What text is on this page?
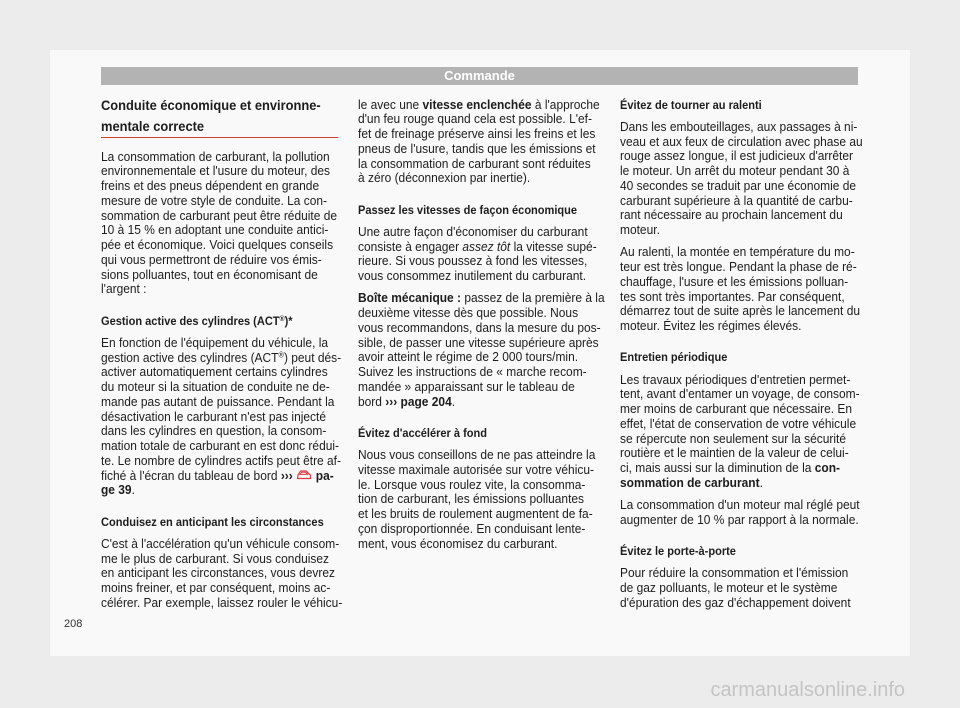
Commande
Conduite économique et environne-
mentale correcte
La consommation de carburant, la pollution
environnementale et l'usure du moteur, des
freins et des pneus dépendent en grande
mesure de votre style de conduite. La con-
sommation de carburant peut être réduite de
10 à 15 % en adoptant une conduite antici-
pée et économique. Voici quelques conseils
qui vous permettront de réduire vos émis-
sions polluantes, tout en économisant de
l'argent :
Gestion active des cylindres (ACT®)*
En fonction de l'équipement du véhicule, la
gestion active des cylindres (ACT®) peut dés-
activer automatiquement certains cylindres
du moteur si la situation de conduite ne de-
mande pas autant de puissance. Pendant la
désactivation le carburant n'est pas injecté
dans les cylindres en question, la consom-
mation totale de carburant en est donc rédui-
te. Le nombre de cylindres actifs peut être af-
fiché à l'écran du tableau de bord ››› pa-
ge 39.
Conduisez en anticipant les circonstances
C'est à l'accélération qu'un véhicule consom-
me le plus de carburant. Si vous conduisez
en anticipant les circonstances, vous devrez
moins freiner, et par conséquent, moins ac-
célérer. Par exemple, laissez rouler le véhicu-
le avec une vitesse enclenchée à l'approche
d'un feu rouge quand cela est possible. L'ef-
fet de freinage préserve ainsi les freins et les
pneus de l'usure, tandis que les émissions et
la consommation de carburant sont réduites
à zéro (déconnexion par inertie).
Passez les vitesses de façon économique
Une autre façon d'économiser du carburant
consiste à engager assez tôt la vitesse supé-
rieure. Si vous poussez à fond les vitesses,
vous consommez inutilement du carburant.
Boîte mécanique : passez de la première à la
deuxième vitesse dès que possible. Nous
vous recommandons, dans la mesure du pos-
sible, de passer une vitesse supérieure après
avoir atteint le régime de 2 000 tours/min.
Suivez les instructions de « marche recom-
mandée » apparaissant sur le tableau de
bord ››› page 204.
Évitez d'accélérer à fond
Nous vous conseillons de ne pas atteindre la
vitesse maximale autorisée sur votre véhicu-
le. Lorsque vous roulez vite, la consomma-
tion de carburant, les émissions polluantes
et les bruits de roulement augmentent de fa-
çon disproportionnée. En conduisant lente-
ment, vous économisez du carburant.
Évitez de tourner au ralenti
Dans les embouteillages, aux passages à ni-
veau et aux feux de circulation avec phase au
rouge assez longue, il est judicieux d'arrêter
le moteur. Un arrêt du moteur pendant 30 à
40 secondes se traduit par une économie de
carburant supérieure à la quantité de carbu-
rant nécessaire au prochain lancement du
moteur.
Au ralenti, la montée en température du mo-
teur est très longue. Pendant la phase de ré-
chauffage, l'usure et les émissions polluan-
tes sont très importantes. Par conséquent,
démarrez tout de suite après le lancement du
moteur. Évitez les régimes élevés.
Entretien périodique
Les travaux périodiques d'entretien permet-
tent, avant d'entamer un voyage, de consom-
mer moins de carburant que nécessaire. En
effet, l'état de conservation de votre véhicule
se répercute non seulement sur la sécurité
routière et le maintien de la valeur de celui-
ci, mais aussi sur la diminution de la con-
sommation de carburant.
La consommation d'un moteur mal réglé peut
augmenter de 10 % par rapport à la normale.
Évitez le porte-à-porte
Pour réduire la consommation et l'émission
de gaz polluants, le moteur et le système
d'épuration des gaz d'échappement doivent
208
carmanualsonline.info
